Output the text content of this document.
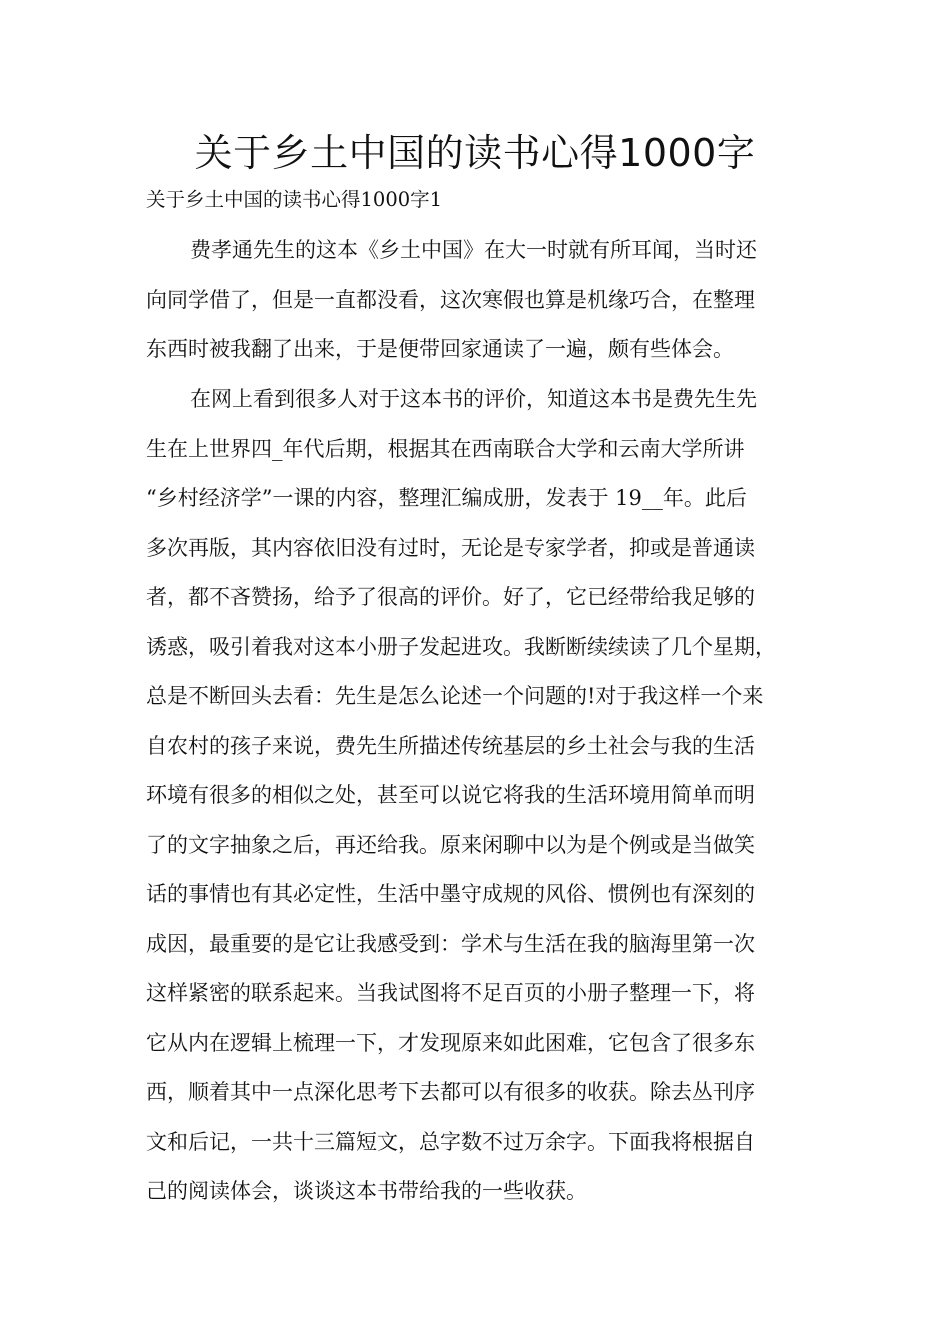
关于乡土中国的读书心得1000字

关于乡土中国的读书心得1000字1

费孝通先生的这本《乡土中国》在大一时就有所耳闻，当时还
向同学借了，但是一直都没看，这次寒假也算是机缘巧合，在整理
东西时被我翻了出来，于是便带回家通读了一遍，颇有些体会。
在网上看到很多人对于这本书的评价，知道这本书是费先生先
生在上世界四_年代后期，根据其在西南联合大学和云南大学所讲
“乡村经济学”一课的内容，整理汇编成册，发表于 19__年。此后
多次再版，其内容依旧没有过时，无论是专家学者，抑或是普通读
者，都不吝赞扬，给予了很高的评价。好了，它已经带给我足够的
诱惑，吸引着我对这本小册子发起进攻。我断断续续读了几个星期，
总是不断回头去看：先生是怎么论述一个问题的!对于我这样一个来
自农村的孩子来说，费先生所描述传统基层的乡土社会与我的生活
环境有很多的相似之处，甚至可以说它将我的生活环境用简单而明
了的文字抽象之后，再还给我。原来闲聊中以为是个例或是当做笑
话的事情也有其必定性，生活中墨守成规的风俗、惯例也有深刻的
成因，最重要的是它让我感受到：学术与生活在我的脑海里第一次
这样紧密的联系起来。当我试图将不足百页的小册子整理一下，将
它从内在逻辑上梳理一下，才发现原来如此困难，它包含了很多东
西，顺着其中一点深化思考下去都可以有很多的收获。除去丛刊序
文和后记，一共十三篇短文，总字数不过万余字。下面我将根据自
己的阅读体会，谈谈这本书带给我的一些收获。
